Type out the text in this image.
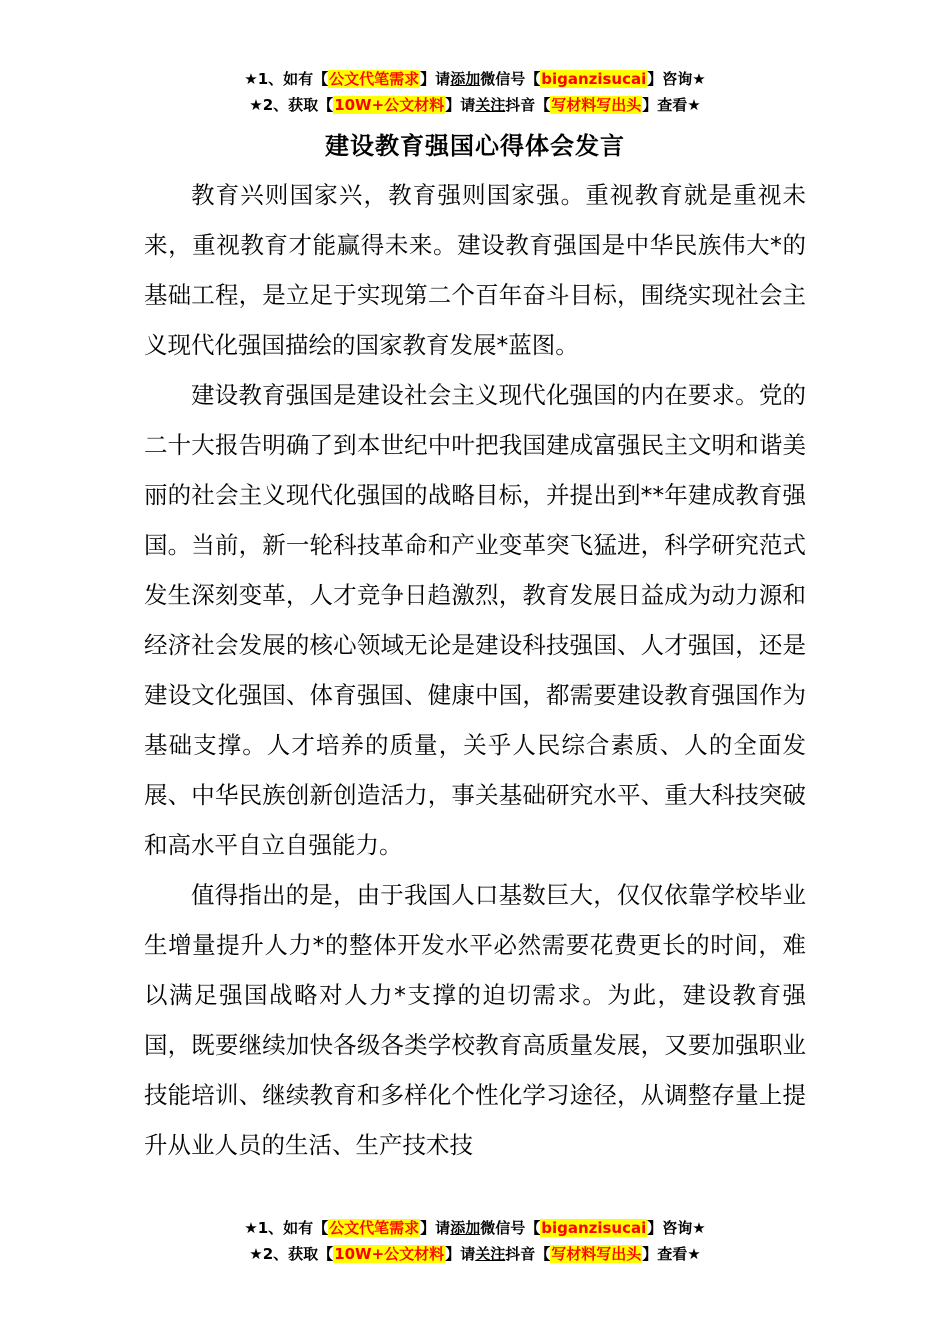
★1、如有【公文代笔需求】请添加微信号【biganzisucai】咨询★
★2、获取【10W+公文材料】请关注抖音【写材料写出头】查看★
建设教育强国心得体会发言

教育兴则国家兴，教育强则国家强。重视教育就是重视未来，重视教育才能赢得未来。建设教育强国是中华民族伟大*的基础工程，是立足于实现第二个百年奋斗目标，围绕实现社会主义现代化强国描绘的国家教育发展*蓝图。

建设教育强国是建设社会主义现代化强国的内在要求。党的二十大报告明确了到本世纪中叶把我国建成富强民主文明和谐美丽的社会主义现代化强国的战略目标，并提出到**年建成教育强国。当前，新一轮科技革命和产业变革突飞猛进，科学研究范式发生深刻变革，人才竞争日趋激烈，教育发展日益成为动力源和经济社会发展的核心领域无论是建设科技强国、人才强国，还是建设文化强国、体育强国、健康中国，都需要建设教育强国作为基础支撑。人才培养的质量，关乎人民综合素质、人的全面发展、中华民族创新创造活力，事关基础研究水平、重大科技突破和高水平自立自强能力。

值得指出的是，由于我国人口基数巨大，仅仅依靠学校毕业生增量提升人力*的整体开发水平必然需要花费更长的时间，难以满足强国战略对人力*支撑的迫切需求。为此，建设教育强国，既要继续加快各级各类学校教育高质量发展，又要加强职业技能培训、继续教育和多样化个性化学习途径，从调整存量上提升从业人员的生活、生产技术技

★1、如有【公文代笔需求】请添加微信号【biganzisucai】咨询★
★2、获取【10W+公文材料】请关注抖音【写材料写出头】查看★
